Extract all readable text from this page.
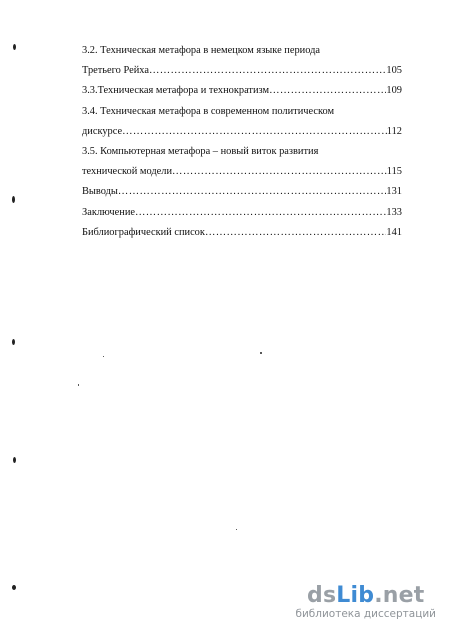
3.2. Техническая метафора в немецком языке периода
Третьего Рейха ……………………………………………………………………………………………………………………………………	105
3.3.Техническая метафора и технократизм ……………………………………………………………………………………………………………………………………	109
3.4. Техническая метафора в современном политическом
дискурсе ……………………………………………………………………………………………………………………………………	112
3.5. Компьютерная метафора – новый виток развития
технической модели ……………………………………………………………………………………………………………………………………	115
Выводы ……………………………………………………………………………………………………………………………………	131
Заключение ……………………………………………………………………………………………………………………………………	133
Библиографический список ……………………………………………………………………………………………………………………………………	141
dsLib.net
библиотека диссертаций
